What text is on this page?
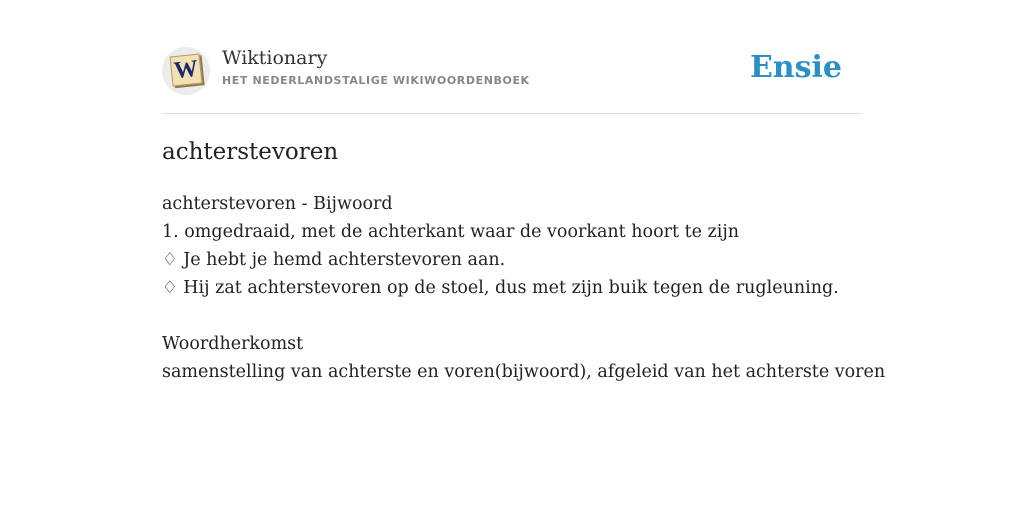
W Wiktionary
HET NEDERLANDSTALIGE WIKIWOORDENBOEK	Ensie
achterstevoren
achterstevoren - Bijwoord
1. omgedraaid, met de achterkant waar de voorkant hoort te zijn
♢ Je hebt je hemd achterstevoren aan.
♢ Hij zat achterstevoren op de stoel, dus met zijn buik tegen de rugleuning.
Woordherkomst
samenstelling van achterste en voren(bijwoord), afgeleid van het achterste voren
